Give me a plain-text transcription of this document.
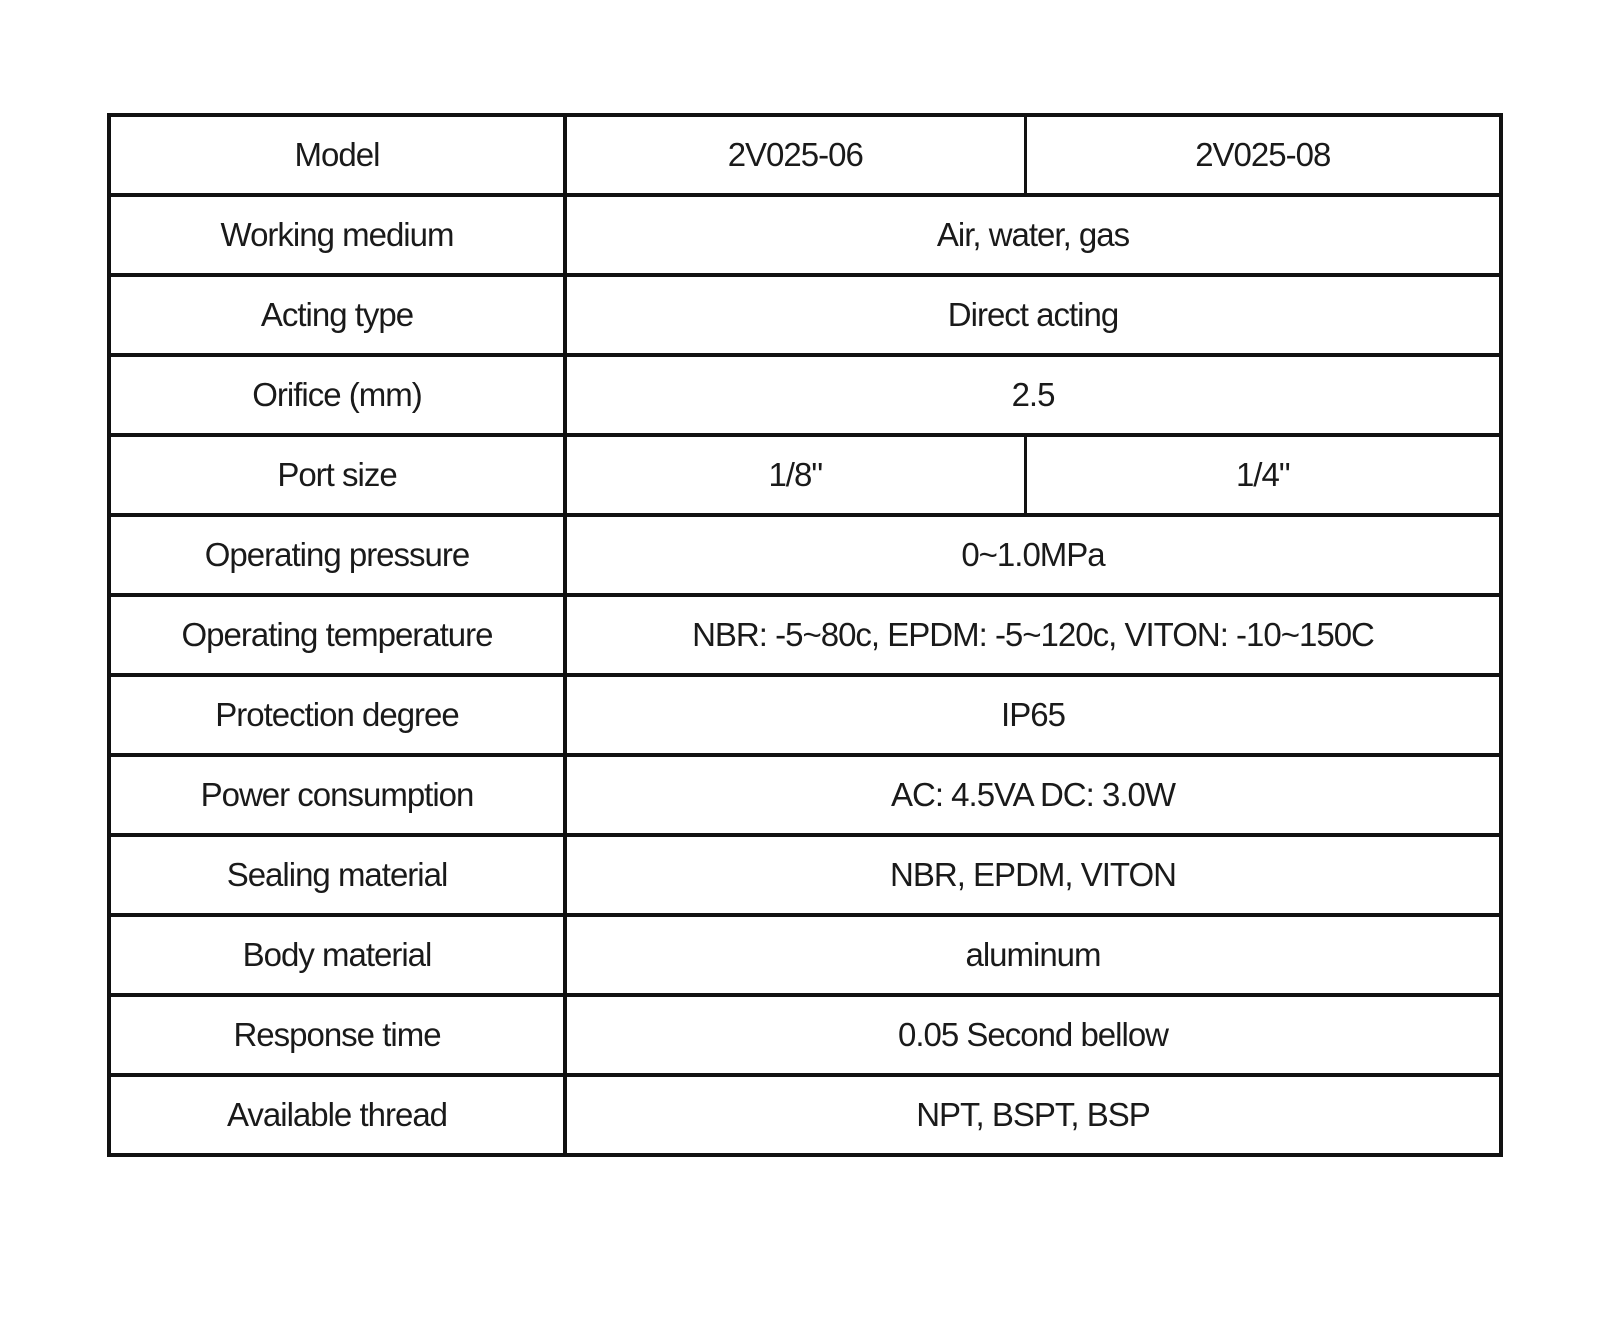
Model	2V025-06	2V025-08
Working medium	Air, water, gas	
Acting type	Direct acting	
Orifice (mm)	2.5	
Port size	1/8"	1/4"
Operating pressure	0~1.0MPa	
Operating temperature	NBR: -5~80c, EPDM: -5~120c, VITON: -10~150C	
Protection degree	IP65	
Power consumption	AC: 4.5VA DC: 3.0W	
Sealing material	NBR, EPDM, VITON	
Body material	aluminum	
Response time	0.05 Second bellow	
Available thread	NPT, BSPT, BSP	
